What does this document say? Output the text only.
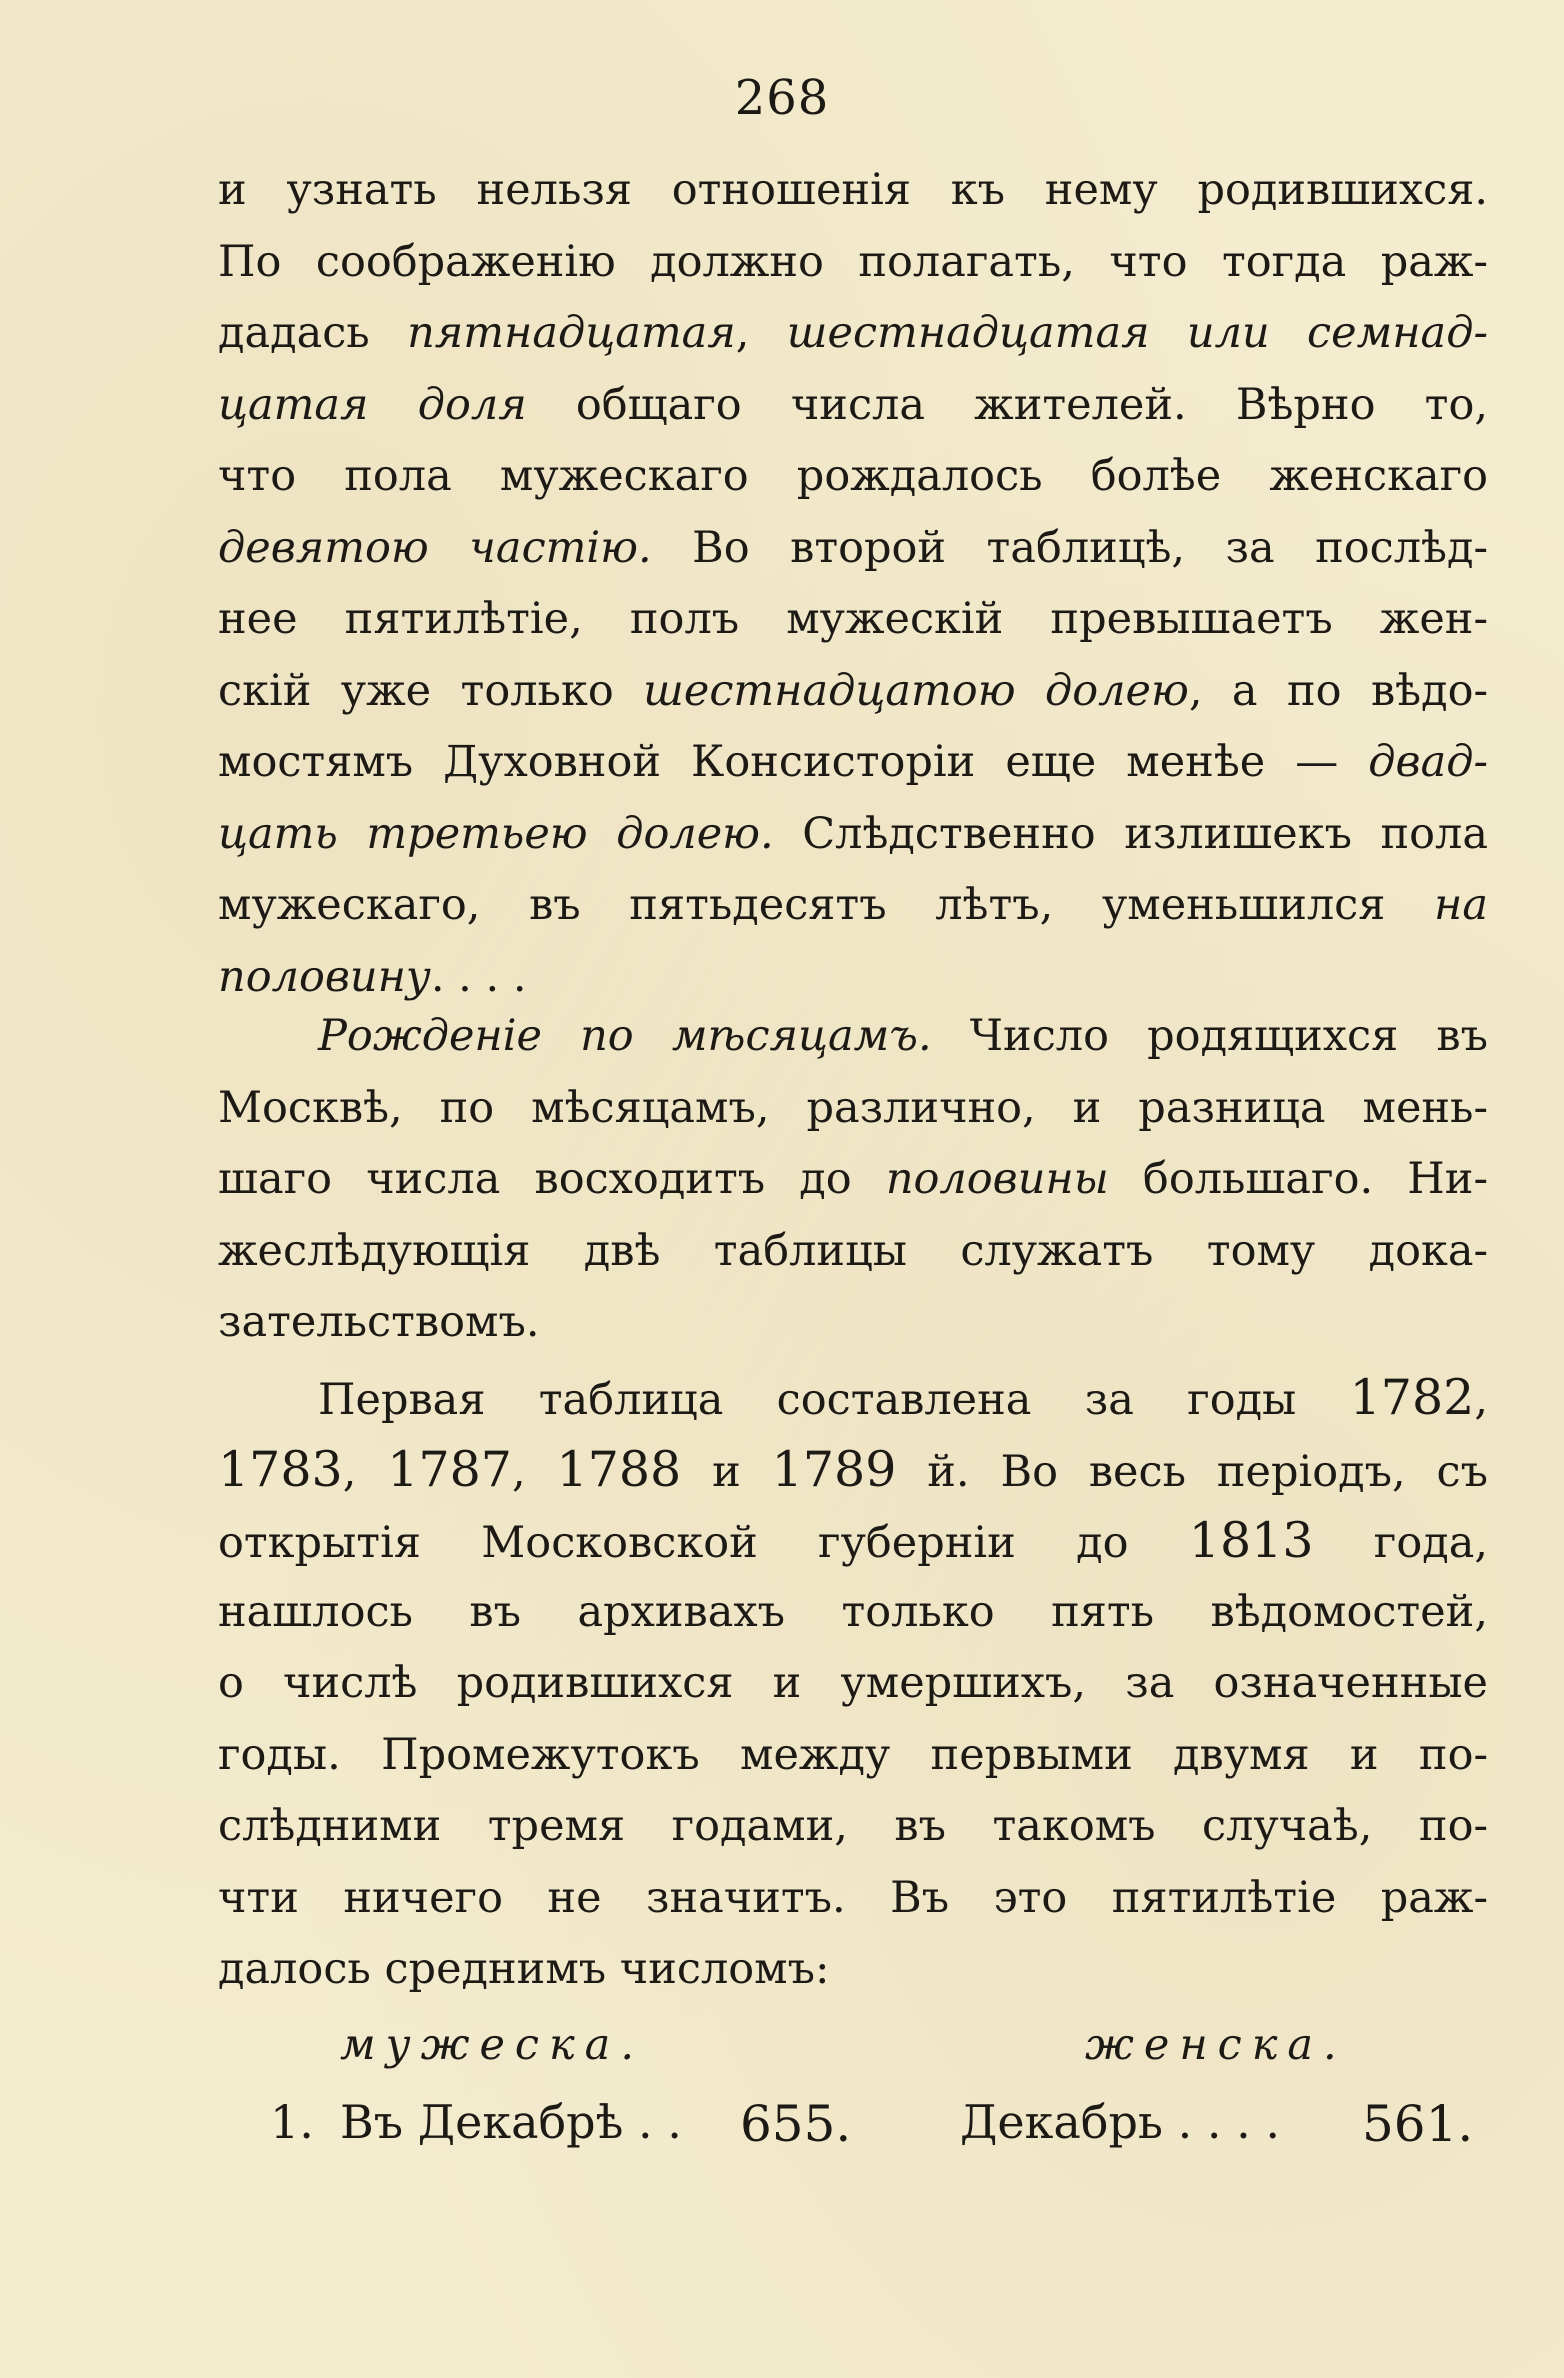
268
и узнать нельзя отношенія къ нему родившихся.
По соображенію должно полагать, что тогда раж-
дадась пятнадцатая, шестнадцатая или семнад-
цатая доля общаго числа жителей. Вѣрно то,
что пола мужескаго рождалось болѣе женскаго
девятою частію. Во второй таблицѣ, за послѣд-
нее пятилѣтіе, полъ мужескій превышаетъ жен-
скій уже только шестнадцатою долею, а по вѣдо-
мостямъ Духовной Консисторіи еще менѣе — двад-
цать третьею долею. Слѣдственно излишекъ пола
мужескаго, въ пятьдесятъ лѣтъ, уменьшился на
половину. . . .
Рожденіе по мѣсяцамъ. Число родящихся въ
Москвѣ, по мѣсяцамъ, различно, и разница мень-
шаго числа восходитъ до половины большаго. Ни-
жеслѣдующія двѣ таблицы служатъ тому дока-
зательствомъ.
Первая таблица составлена за годы 1782,
1783, 1787, 1788 и 1789 й. Во весь періодъ, съ
открытія Московской губерніи до 1813 года,
нашлось въ архивахъ только пять вѣдомостей,
о числѣ родившихся и умершихъ, за означенные
годы. Промежутокъ между первыми двумя и по-
слѣдними тремя годами, въ такомъ случаѣ, по-
чти ничего не значитъ. Въ это пятилѣтіе раж-
далось среднимъ числомъ:
мужеска.	женска.
1. Въ Декабрѣ . . 655. Декабрь . . . . 561.
